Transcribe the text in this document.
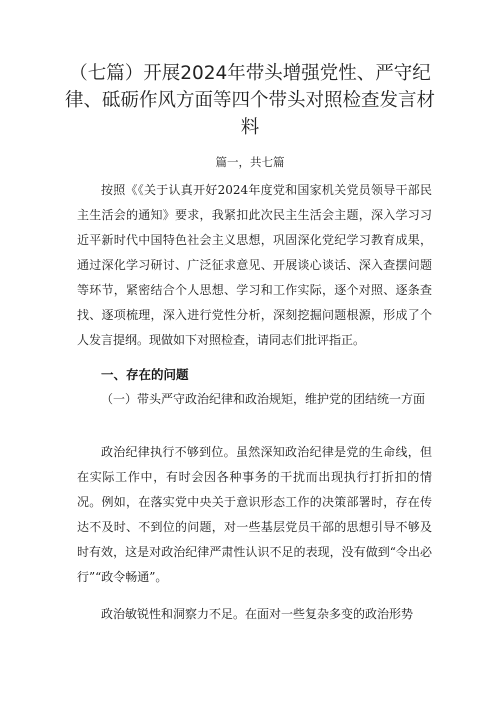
（七篇）开展2024年带头增强党性、严守纪律、砥砺作风方面等四个带头对照检查发言材料
篇一，共七篇
按照《《关于认真开好2024年度党和国家机关党员领导干部民主生活会的通知》要求，我紧扣此次民主生活会主题，深入学习习近平新时代中国特色社会主义思想，巩固深化党纪学习教育成果，通过深化学习研讨、广泛征求意见、开展谈心谈话、深入查摆问题等环节，紧密结合个人思想、学习和工作实际，逐个对照、逐条查找、逐项梳理，深入进行党性分析，深刻挖掘问题根源，形成了个人发言提纲。现做如下对照检查，请同志们批评指正。
一、存在的问题
（一）带头严守政治纪律和政治规矩，维护党的团结统一方面
政治纪律执行不够到位。虽然深知政治纪律是党的生命线，但在实际工作中，有时会因各种事务的干扰而出现执行打折扣的情况。例如，在落实党中央关于意识形态工作的决策部署时，存在传达不及时、不到位的问题，对一些基层党员干部的思想引导不够及时有效，这是对政治纪律严肃性认识不足的表现，没有做到“令出必行”“政令畅通”。
政治敏锐性和洞察力不足。在面对一些复杂多变的政治形势
